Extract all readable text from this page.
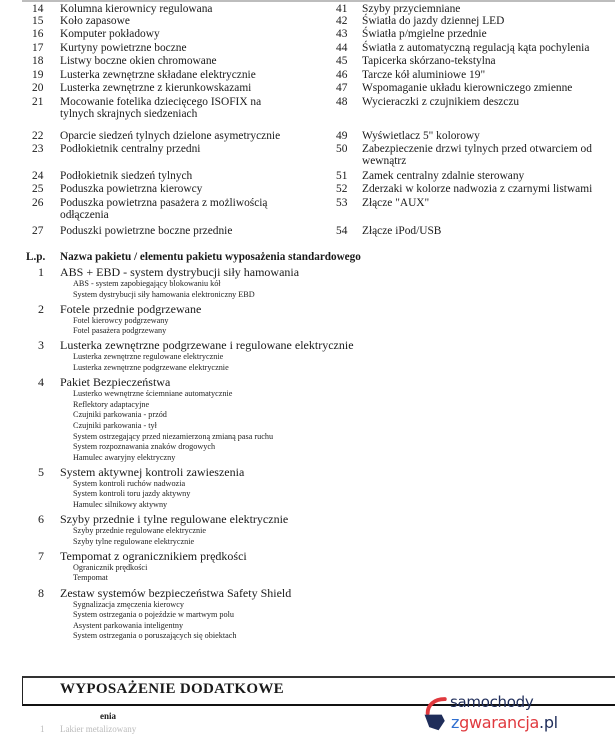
14 Kolumna kierownicy regulowana
15 Koło zapasowe
16 Komputer pokładowy
17 Kurtyny powietrzne boczne
18 Listwy boczne okien chromowane
19 Lusterka zewnętrzne składane elektrycznie
20 Lusterka zewnętrzne z kierunkowskazami
21 Mocowanie fotelika dziecięcego ISOFIX na
tylnych skrajnych siedzeniach
22 Oparcie siedzeń tylnych dzielone asymetrycznie
23 Podłokietnik centralny przedni
24 Podłokietnik siedzeń tylnych
25 Poduszka powietrzna kierowcy
26 Poduszka powietrzna pasażera z możliwością
odłączenia
27 Poduszki powietrzne boczne przednie
41 Szyby przyciemniane
42 Światła do jazdy dziennej LED
43 Światła p/mgielne przednie
44 Światła z automatyczną regulacją kąta pochylenia
45 Tapicerka skórzano-tekstylna
46 Tarcze kół aluminiowe 19"
47 Wspomaganie układu kierowniczego zmienne
48 Wycieraczki z czujnikiem deszczu
49 Wyświetlacz 5" kolorowy
50 Zabezpieczenie drzwi tylnych przed otwarciem od
wewnątrz
51 Zamek centralny zdalnie sterowany
52 Zderzaki w kolorze nadwozia z czarnymi listwami
53 Złącze "AUX"
54 Złącze iPod/USB
L.p. Nazwa pakietu / elementu pakietu wyposażenia standardowego
1 ABS + EBD - system dystrybucji siły hamowania
ABS - system zapobiegający blokowaniu kół
System dystrybucji siły hamowania elektroniczny EBD
2 Fotele przednie podgrzewane
Fotel kierowcy podgrzewany
Fotel pasażera podgrzewany
3 Lusterka zewnętrzne podgrzewane i regulowane elektrycznie
Lusterka zewnętrzne regulowane elektrycznie
Lusterka zewnętrzne podgrzewane elektrycznie
4 Pakiet Bezpieczeństwa
Lusterko wewnętrzne ściemniane automatycznie
Reflektory adaptacyjne
Czujniki parkowania - przód
Czujniki parkowania - tył
System ostrzegający przed niezamierzoną zmianą pasa ruchu
System rozpoznawania znaków drogowych
Hamulec awaryjny elektryczny
5 System aktywnej kontroli zawieszenia
System kontroli ruchów nadwozia
System kontroli toru jazdy aktywny
Hamulec silnikowy aktywny
6 Szyby przednie i tylne regulowane elektrycznie
Szyby przednie regulowane elektrycznie
Szyby tylne regulowane elektrycznie
7 Tempomat z ogranicznikiem prędkości
Ogranicznik prędkości
Tempomat
8 Zestaw systemów bezpieczeństwa Safety Shield
Sygnalizacja zmęczenia kierowcy
System ostrzegania o pojeździe w martwym polu
Asystent parkowania inteligentny
System ostrzegania o poruszających się obiektach
WYPOSAŻENIE DODATKOWE
enia
1 Lakier metalizowany
samochody
zgwarancja.pl
